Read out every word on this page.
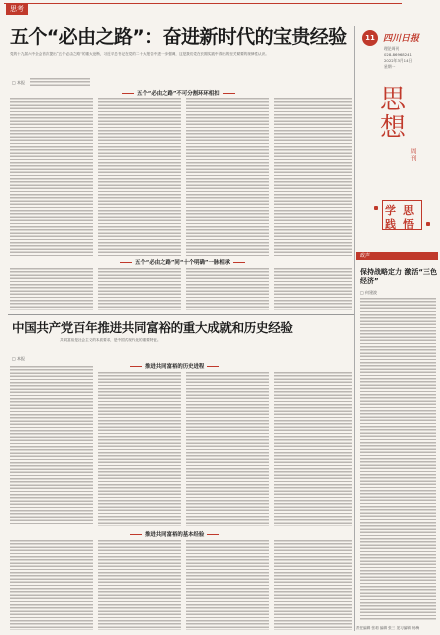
思考
五个“必由之路”：奋进新时代的宝贵经验
党的十九届六中全会首次提出“五个必由之路”的重大论断，习近平总书记在党的二十大报告中进一步强调，这是我们党在长期实践中得出的至关紧要的规律性认识。
□ 本报
五个“必由之路”不可分割环环相扣
五个“必由之路”同“十个明确”一脉相承
中国共产党百年推进共同富裕的重大成就和历史经验
共同富裕是社会主义的本质要求，是中国式现代化的重要特征。
□ 本报
推进共同富裕的历史进程
推进共同富裕的基本经验
11 四川日报
理论周刊
028-86968241
2022年3月14日
星期一
思想
周刊
学 思
践 悟
政声
保持战略定力 激活“三色经济”
□ 何建波
责任编辑 张莉 编辑 张三 见习编辑 杨梅
